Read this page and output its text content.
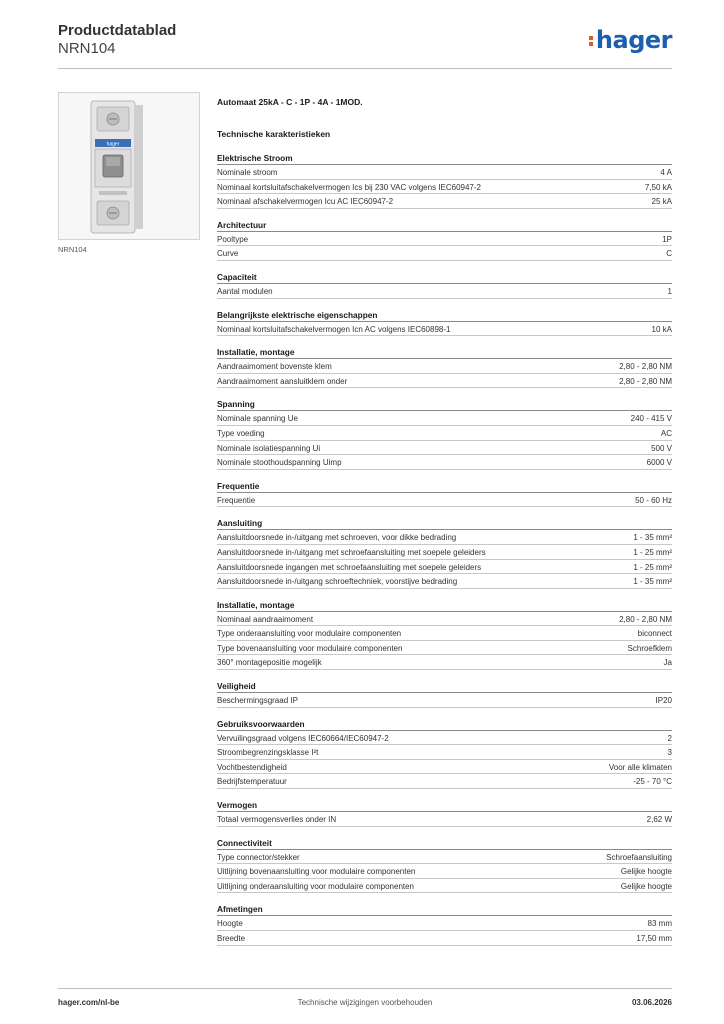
Productdatablad
NRN104	hager
hager
NRN104
Automaat 25kA - C - 1P - 4A - 1MOD.
Technische karakteristieken
Elektrische Stroom
Nominale stroom	4 A
Nominaal kortsluitafschakelvermogen Ics bij 230 VAC volgens IEC60947-2	7,50 kA
Nominaal afschakelvermogen Icu AC IEC60947-2	25 kA
Architectuur
Pooltype	1P
Curve	C
Capaciteit
Aantal modulen	1
Belangrijkste elektrische eigenschappen
Nominaal kortsluitafschakelvermogen Icn AC volgens IEC60898-1	10 kA
Installatie, montage
Aandraaimoment bovenste klem	2,80 - 2,80 NM
Aandraaimoment aansluitklem onder	2,80 - 2,80 NM
Spanning
Nominale spanning Ue	240 - 415 V
Type voeding	AC
Nominale isolatiespanning Ui	500 V
Nominale stoothoudspanning Uimp	6000 V
Frequentie
Frequentie	50 - 60 Hz
Aansluiting
Aansluitdoorsnede in-/uitgang met schroeven, voor dikke bedrading	1 - 35 mm²
Aansluitdoorsnede in-/uitgang met schroefaansluiting met soepele geleiders	1 - 25 mm²
Aansluitdoorsnede ingangen met schroefaansluiting met soepele geleiders	1 - 25 mm²
Aansluitdoorsnede in-/uitgang schroeftechniek, voorstijve bedrading	1 - 35 mm²
Installatie, montage
Nominaal aandraaimoment	2,80 - 2,80 NM
Type onderaansluiting voor modulaire componenten	biconnect
Type bovenaansluiting voor modulaire componenten	Schroefklem
360° montagepositie mogelijk	Ja
Veiligheid
Beschermingsgraad IP	IP20
Gebruiksvoorwaarden
Vervuilingsgraad volgens IEC60664/IEC60947-2	2
Stroombegrenzingsklasse I²t	3
Vochtbestendigheid	Voor alle klimaten
Bedrijfstemperatuur	-25 - 70 °C
Vermogen
Totaal vermogensverlies onder IN	2,62 W
Connectiviteit
Type connector/stekker	Schroefaansluiting
Uitlijning bovenaansluiting voor modulaire componenten	Gelijke hoogte
Uitlijning onderaansluiting voor modulaire componenten	Gelijke hoogte
Afmetingen
Hoogte	83 mm
Breedte	17,50 mm
hager.com/nl-be	Technische wijzigingen voorbehouden	03.06.2026
